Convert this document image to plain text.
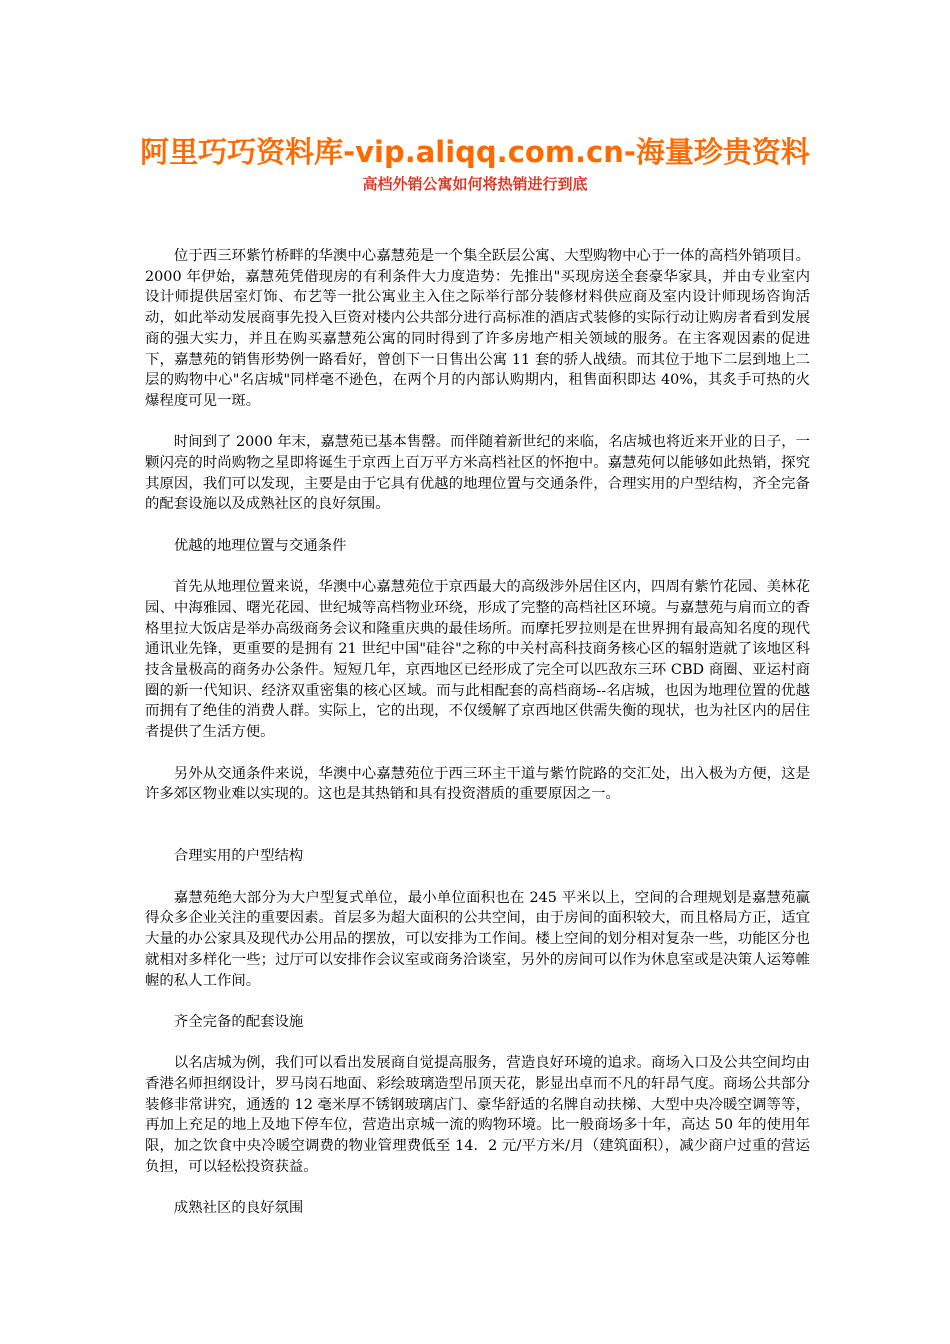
阿里巧巧资料库-vip.aliqq.com.cn-海量珍贵资料
高档外销公寓如何将热销进行到底

位于西三环紫竹桥畔的华澳中心嘉慧苑是一个集全跃层公寓、大型购物中心于一体的高档外销项目。2000 年伊始，嘉慧苑凭借现房的有利条件大力度造势：先推出"买现房送全套豪华家具，并由专业室内设计师提供居室灯饰、布艺等一批公寓业主入住之际举行部分装修材料供应商及室内设计师现场咨询活动，如此举动发展商事先投入巨资对楼内公共部分进行高标准的酒店式装修的实际行动让购房者看到发展商的强大实力，并且在购买嘉慧苑公寓的同时得到了许多房地产相关领域的服务。在主客观因素的促进下，嘉慧苑的销售形势例一路看好，曾创下一日售出公寓 11 套的骄人战绩。而其位于地下二层到地上二层的购物中心"名店城"同样毫不逊色，在两个月的内部认购期内，租售面积即达 40%，其炙手可热的火爆程度可见一斑。

时间到了 2000 年末，嘉慧苑已基本售罄。而伴随着新世纪的来临，名店城也将近来开业的日子，一颗闪亮的时尚购物之星即将诞生于京西上百万平方米高档社区的怀抱中。嘉慧苑何以能够如此热销，探究其原因，我们可以发现，主要是由于它具有优越的地理位置与交通条件，合理实用的户型结构，齐全完备的配套设施以及成熟社区的良好氛围。

优越的地理位置与交通条件

首先从地理位置来说，华澳中心嘉慧苑位于京西最大的高级涉外居住区内，四周有紫竹花园、美林花园、中海雅园、曙光花园、世纪城等高档物业环绕，形成了完整的高档社区环境。与嘉慧苑与肩而立的香格里拉大饭店是举办高级商务会议和隆重庆典的最佳场所。而摩托罗拉则是在世界拥有最高知名度的现代通讯业先锋，更重要的是拥有 21 世纪中国"硅谷"之称的中关村高科技商务核心区的辐射造就了该地区科技含量极高的商务办公条件。短短几年，京西地区已经形成了完全可以匹敌东三环 CBD 商圈、亚运村商圈的新一代知识、经济双重密集的核心区域。而与此相配套的高档商场--名店城，也因为地理位置的优越而拥有了绝佳的消费人群。实际上，它的出现，不仅缓解了京西地区供需失衡的现状，也为社区内的居住者提供了生活方便。

另外从交通条件来说，华澳中心嘉慧苑位于西三环主干道与紫竹院路的交汇处，出入极为方便，这是许多郊区物业难以实现的。这也是其热销和具有投资潜质的重要原因之一。

合理实用的户型结构

嘉慧苑绝大部分为大户型复式单位，最小单位面积也在 245 平米以上，空间的合理规划是嘉慧苑赢得众多企业关注的重要因素。首层多为超大面积的公共空间，由于房间的面积较大，而且格局方正，适宜大量的办公家具及现代办公用品的摆放，可以安排为工作间。楼上空间的划分相对复杂一些，功能区分也就相对多样化一些；过厅可以安排作会议室或商务洽谈室，另外的房间可以作为休息室或是决策人运筹帷幄的私人工作间。

齐全完备的配套设施

以名店城为例，我们可以看出发展商自觉提高服务，营造良好环境的追求。商场入口及公共空间均由香港名师担纲设计，罗马岗石地面、彩绘玻璃造型吊顶天花，影显出卓而不凡的轩昂气度。商场公共部分装修非常讲究，通透的 12 毫米厚不锈钢玻璃店门、豪华舒适的名牌自动扶梯、大型中央冷暖空调等等，再加上充足的地上及地下停车位，营造出京城一流的购物环境。比一般商场多十年，高达 50 年的使用年限，加之饮食中央冷暖空调费的物业管理费低至 14．2 元/平方米/月（建筑面积），减少商户过重的营运负担，可以轻松投资获益。

成熟社区的良好氛围
